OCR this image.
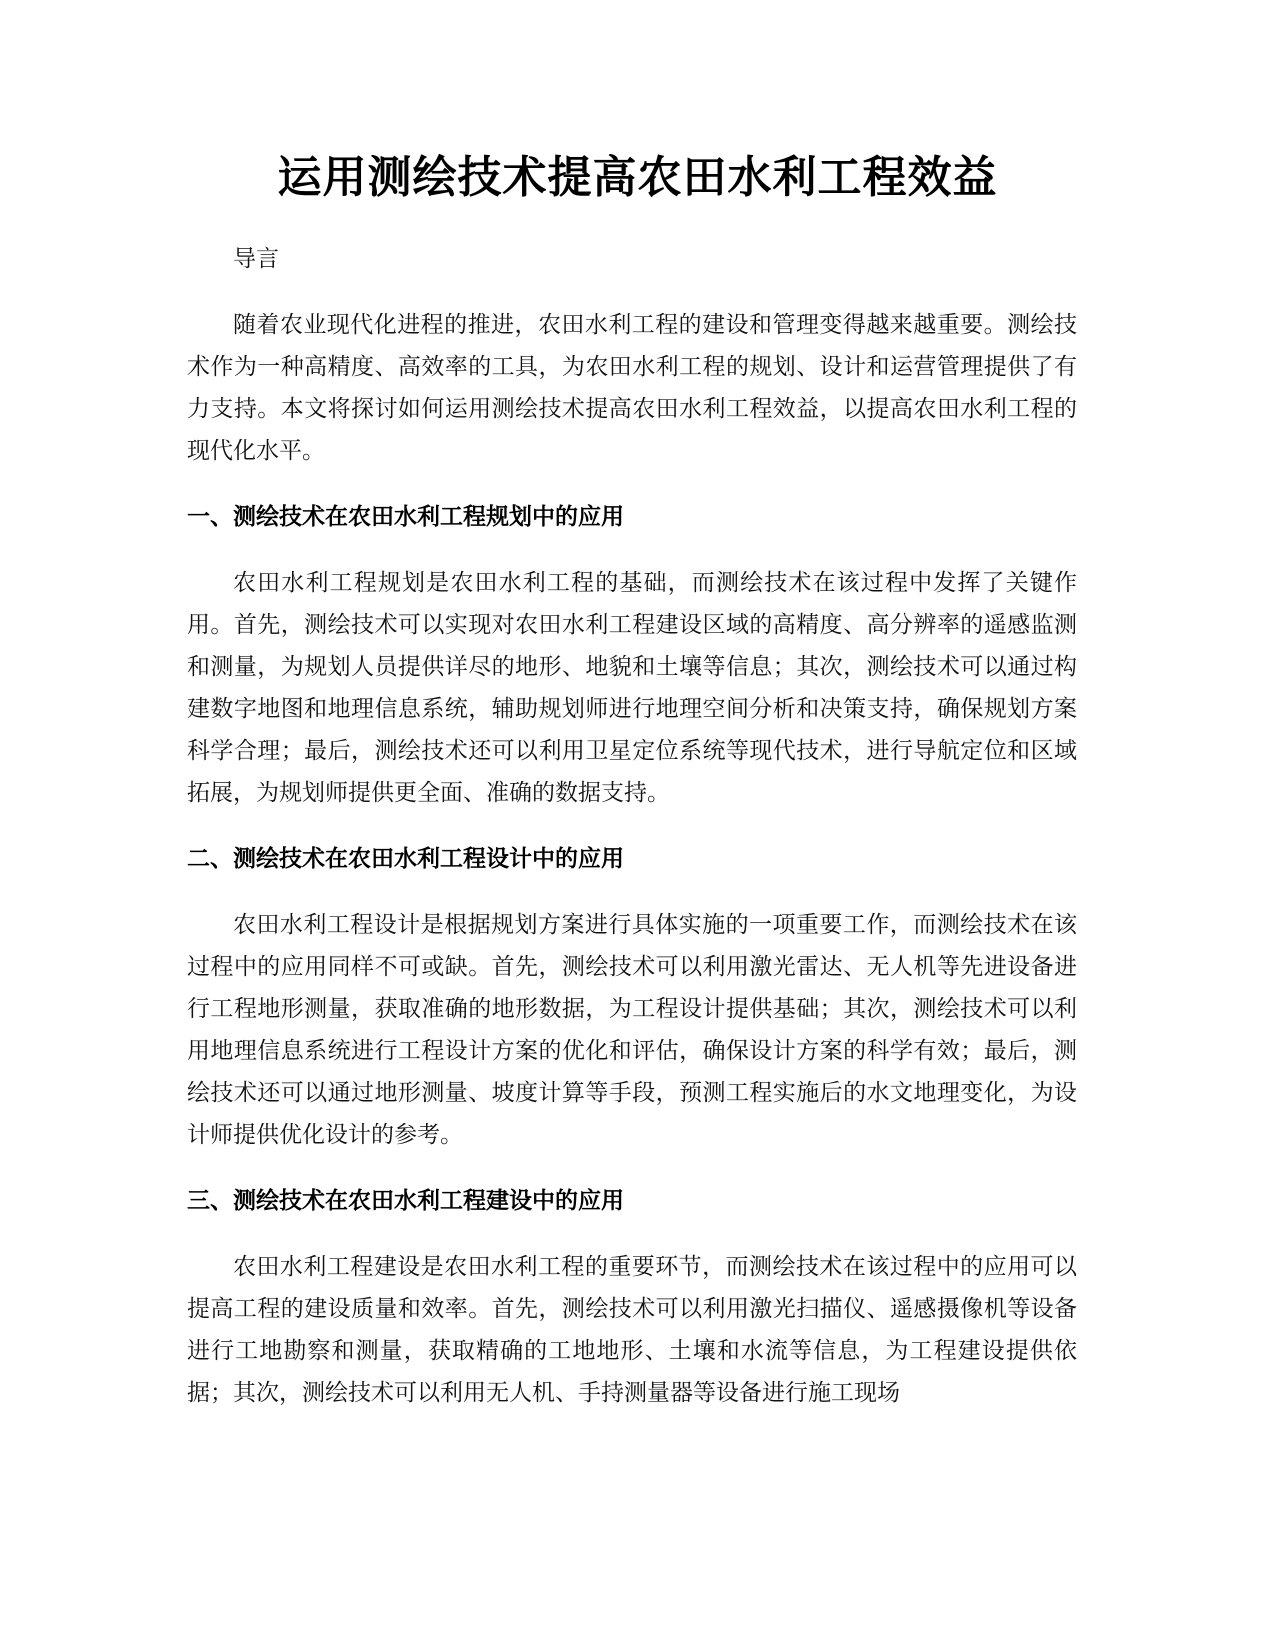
运用测绘技术提高农田水利工程效益

导言

随着农业现代化进程的推进，农田水利工程的建设和管理变得越来越重要。测绘技术作为一种高精度、高效率的工具，为农田水利工程的规划、设计和运营管理提供了有力支持。本文将探讨如何运用测绘技术提高农田水利工程效益，以提高农田水利工程的现代化水平。

一、测绘技术在农田水利工程规划中的应用

农田水利工程规划是农田水利工程的基础，而测绘技术在该过程中发挥了关键作用。首先，测绘技术可以实现对农田水利工程建设区域的高精度、高分辨率的遥感监测和测量，为规划人员提供详尽的地形、地貌和土壤等信息；其次，测绘技术可以通过构建数字地图和地理信息系统，辅助规划师进行地理空间分析和决策支持，确保规划方案科学合理；最后，测绘技术还可以利用卫星定位系统等现代技术，进行导航定位和区域拓展，为规划师提供更全面、准确的数据支持。

二、测绘技术在农田水利工程设计中的应用

农田水利工程设计是根据规划方案进行具体实施的一项重要工作，而测绘技术在该过程中的应用同样不可或缺。首先，测绘技术可以利用激光雷达、无人机等先进设备进行工程地形测量，获取准确的地形数据，为工程设计提供基础；其次，测绘技术可以利用地理信息系统进行工程设计方案的优化和评估，确保设计方案的科学有效；最后，测绘技术还可以通过地形测量、坡度计算等手段，预测工程实施后的水文地理变化，为设计师提供优化设计的参考。

三、测绘技术在农田水利工程建设中的应用

农田水利工程建设是农田水利工程的重要环节，而测绘技术在该过程中的应用可以提高工程的建设质量和效率。首先，测绘技术可以利用激光扫描仪、遥感摄像机等设备进行工地勘察和测量，获取精确的工地地形、土壤和水流等信息，为工程建设提供依据；其次，测绘技术可以利用无人机、手持测量器等设备进行施工现场
